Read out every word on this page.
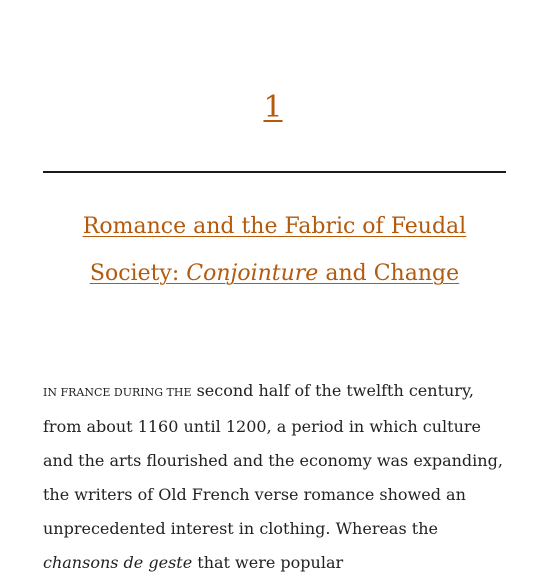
1
Romance and the Fabric of Feudal Society: Conjointure and Change

IN FRANCE DURING THE second half of the twelfth century, from about 1160 until 1200, a period in which culture and the arts flourished and the economy was expanding, the writers of Old French verse romance showed an unprecedented interest in clothing. Whereas the chansons de geste that were popular
